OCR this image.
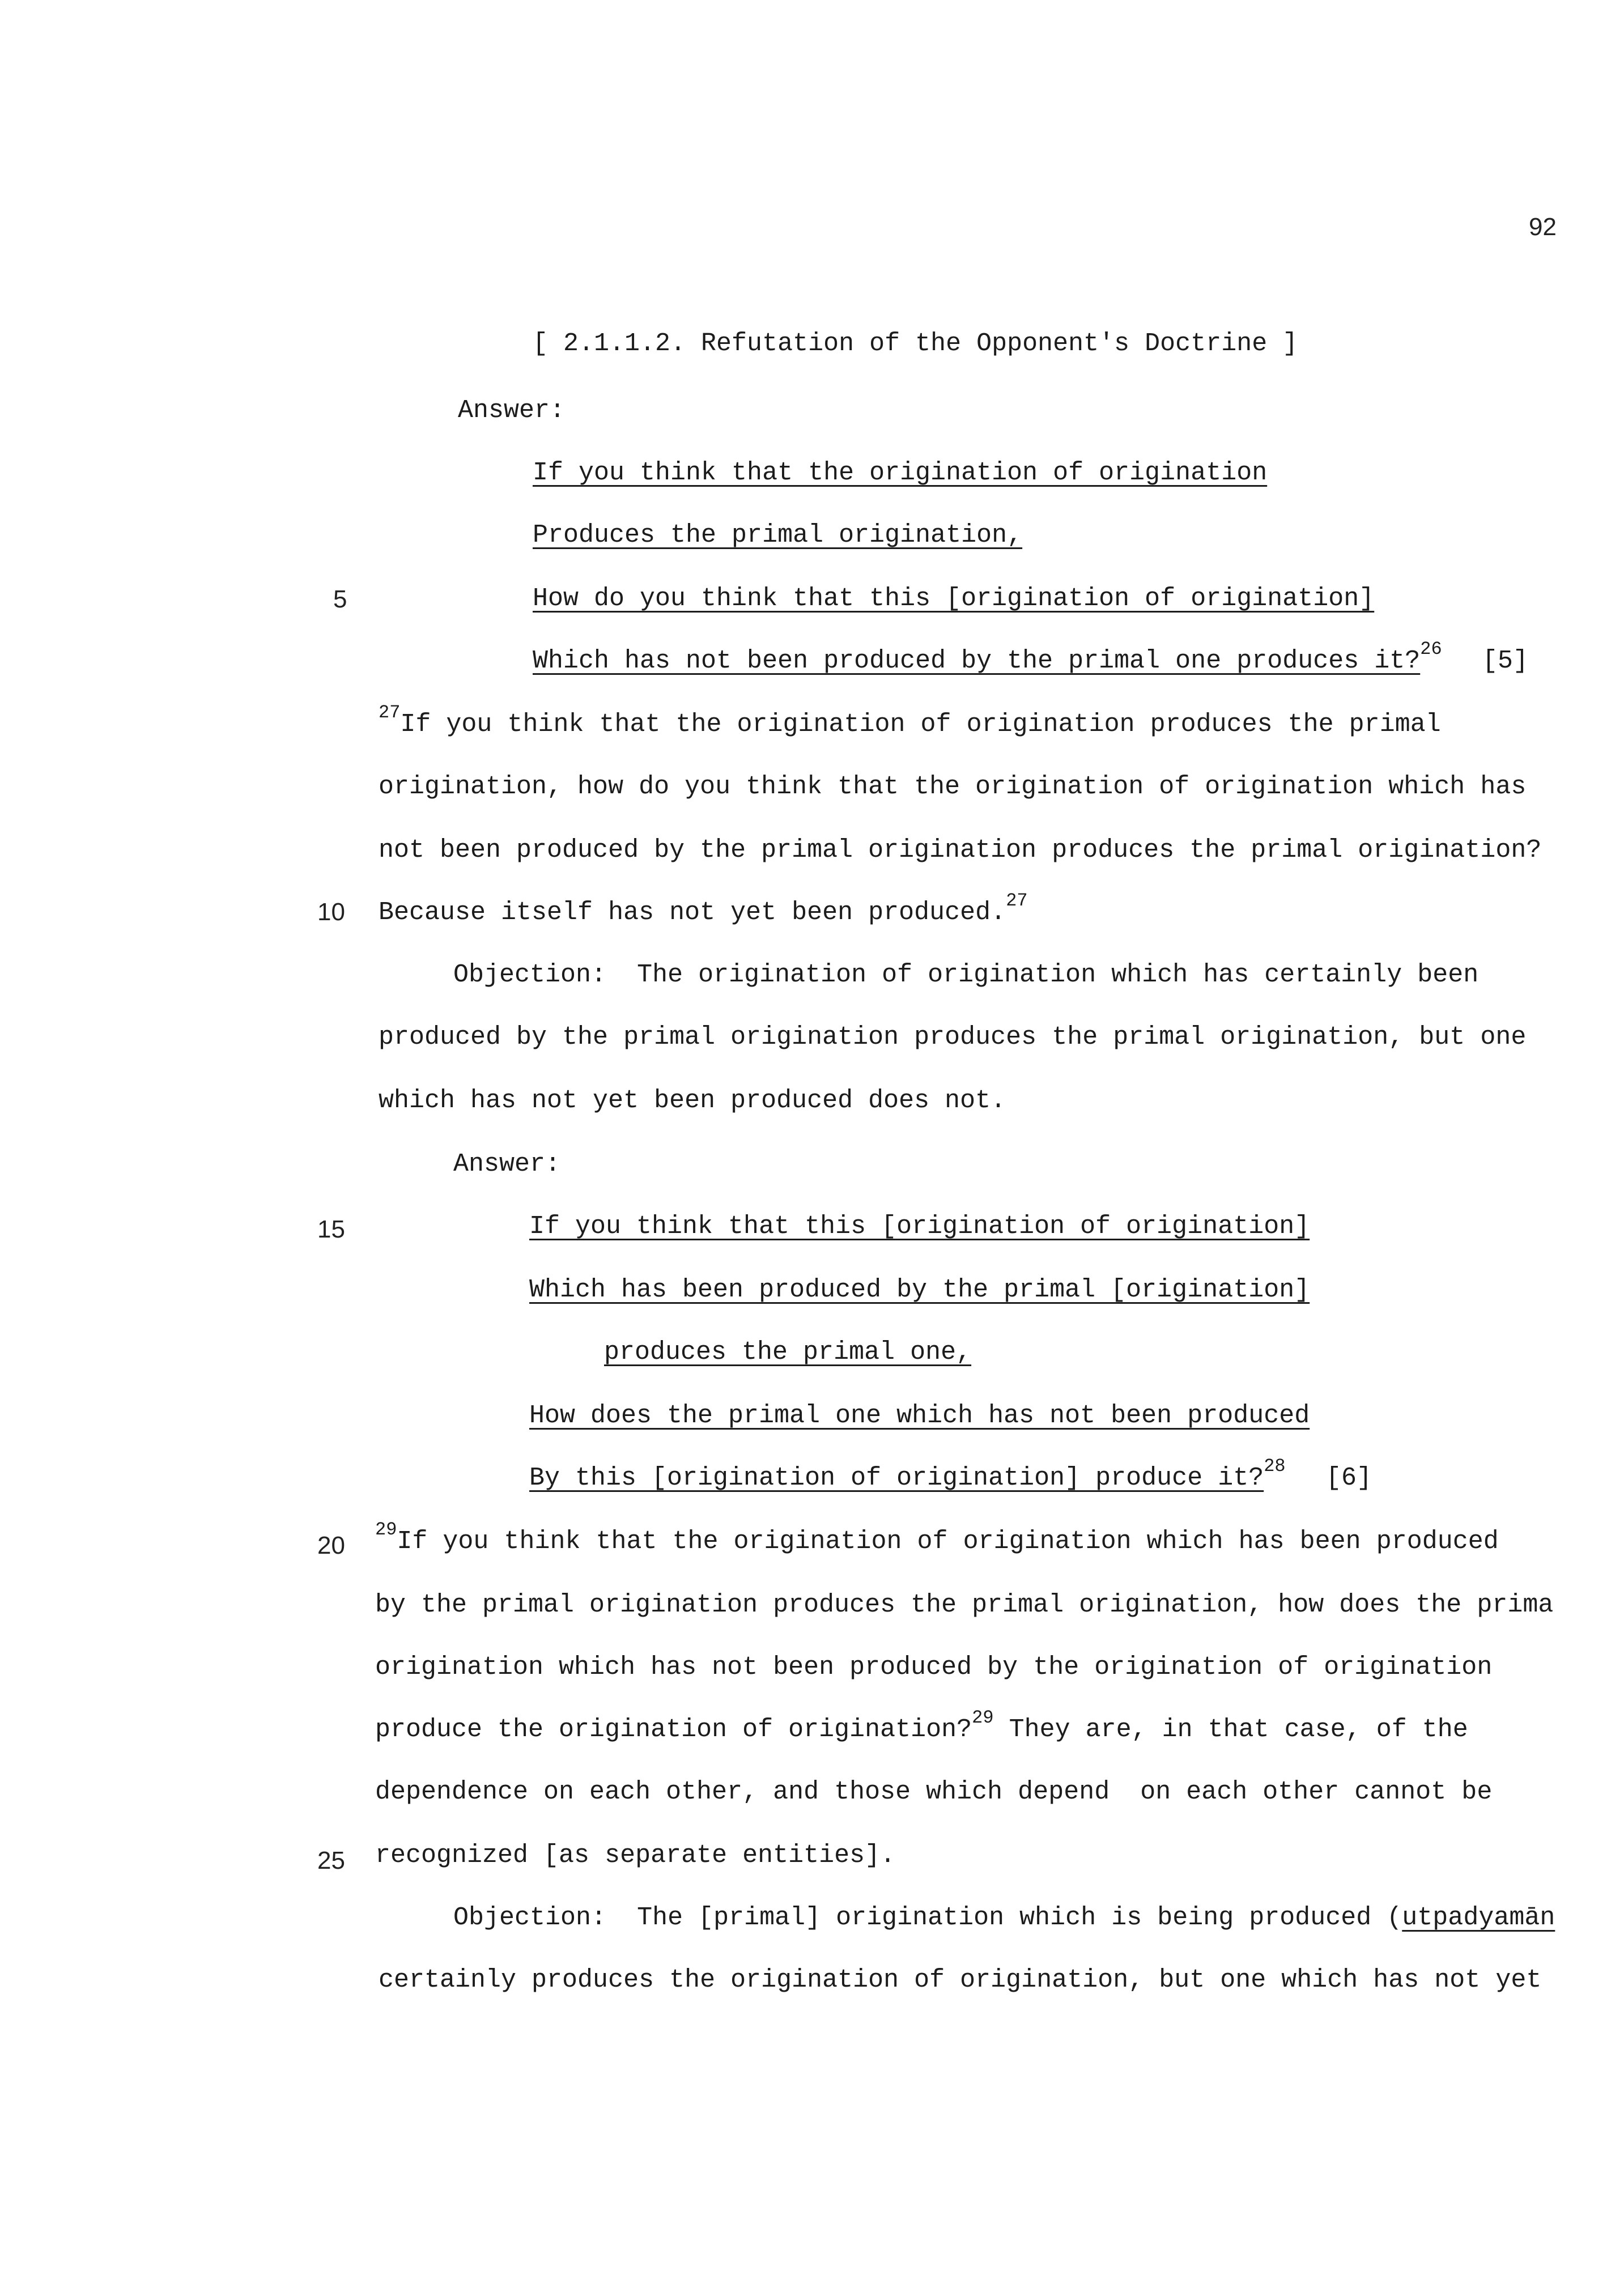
92
[ 2.1.1.2. Refutation of the Opponent's Doctrine ]
5
10
15
20
25
Answer:
If you think that the origination of origination
Produces the primal origination,
How do you think that this [origination of origination]
Which has not been produced by the primal one produces it?$^{26}$ [5]
$^{27}$If you think that the origination of origination produces the primal
origination, how do you think that the origination of origination which has
not been produced by the primal origination produces the primal origination?
Because itself has not yet been produced.$^{27}$
Objection: The origination of origination which has certainly been
produced by the primal origination produces the primal origination, but one
which has not yet been produced does not.
Answer:
If you think that this [origination of origination]
Which has been produced by the primal [origination]
produces the primal one,
How does the primal one which has not been produced
By this [origination of origination] produce it?$^{28}$ [6]
$^{29}$If you think that the origination of origination which has been produced
by the primal origination produces the primal origination, how does the prima
origination which has not been produced by the origination of origination
produce the origination of origination?$^{29}$ They are, in that case, of the
dependence on each other, and those which depend  on each other cannot be
recognized [as separate entities].
Objection: The [primal] origination which is being produced (utpadyamān
certainly produces the origination of origination, but one which has not yet
